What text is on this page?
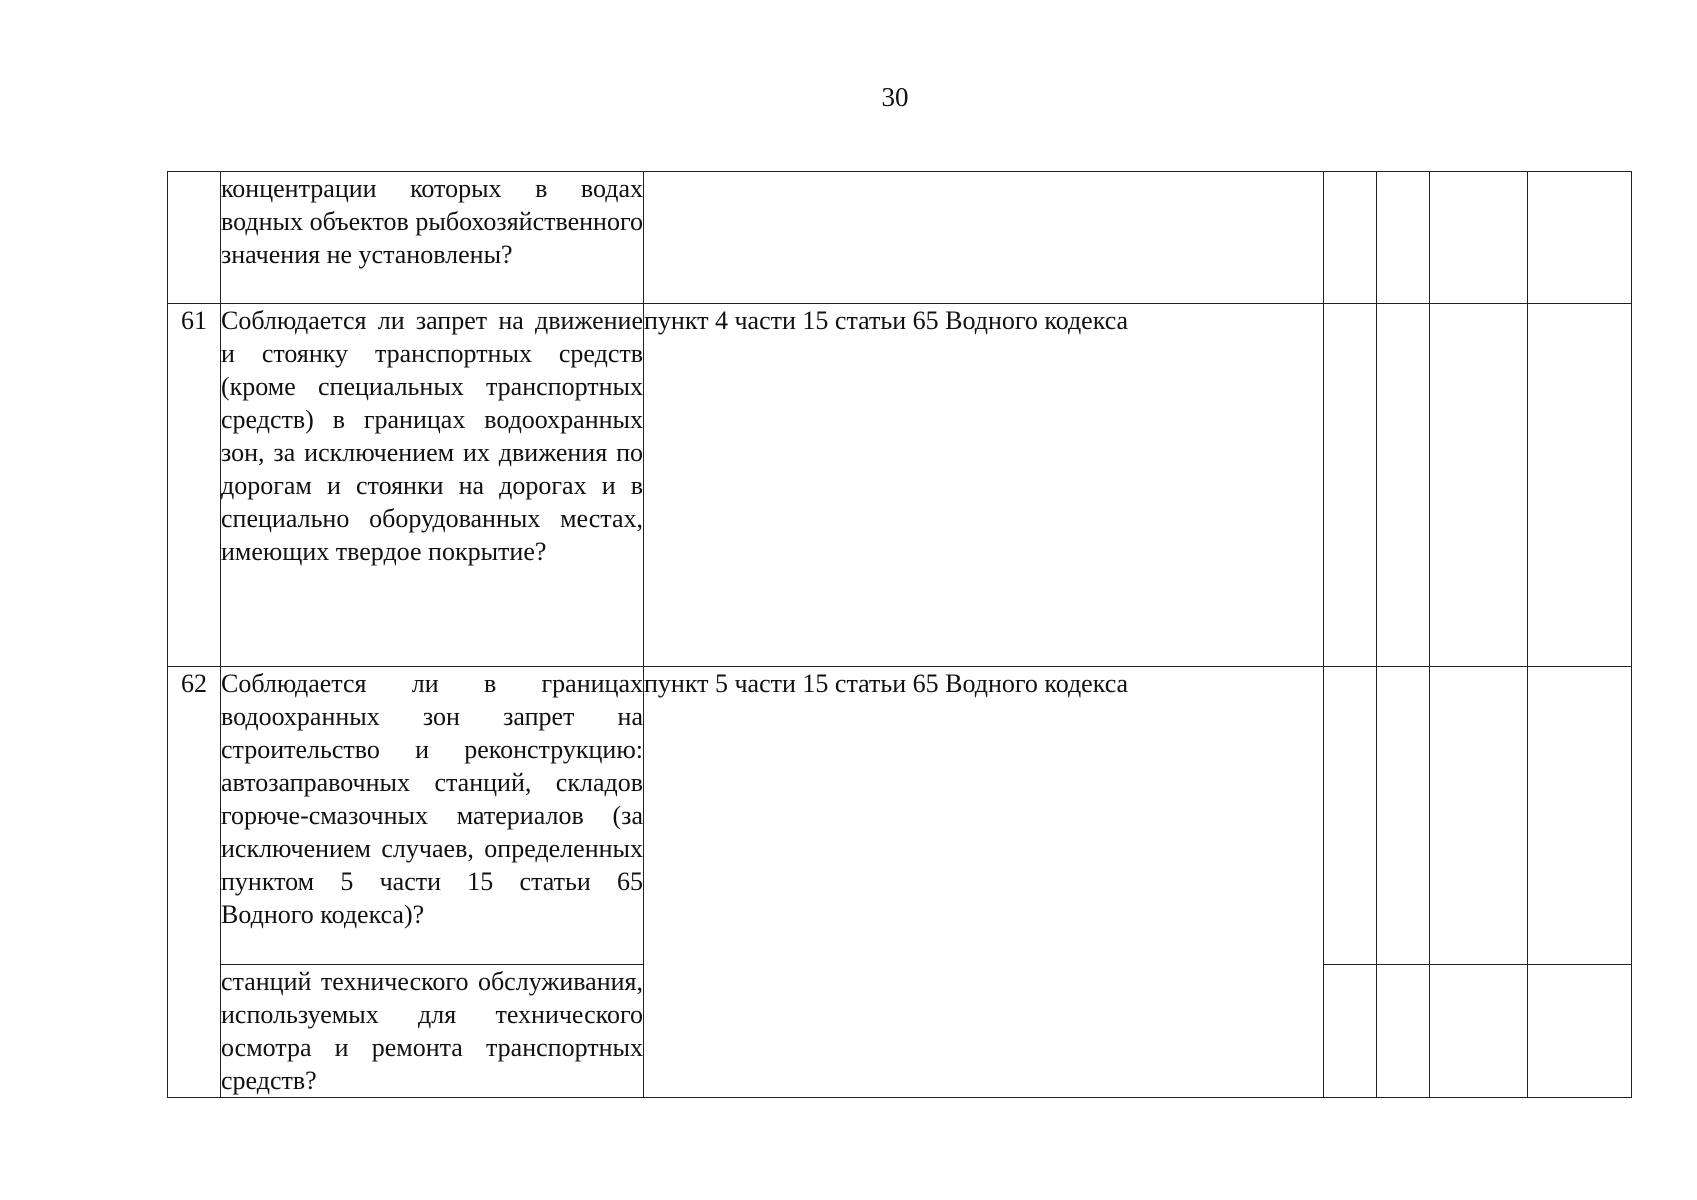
30
	концентрации которых в водах водных объектов рыбохозяйственного значения не установлены?					
61	Соблюдается ли запрет на движение и стоянку транспортных средств (кроме специальных транспортных средств) в границах водоохранных зон, за исключением их движения по дорогам и стоянки на дорогах и в специально оборудованных местах, имеющих твердое покрытие?	пункт 4 части 15 статьи 65 Водного кодекса				
62	Соблюдается ли в границах водоохранных зон запрет на строительство и реконструкцию: автозаправочных станций, складов горюче-смазочных материалов (за исключением случаев, определенных пунктом 5 части 15 статьи 65 Водного кодекса)?	пункт 5 части 15 статьи 65 Водного кодекса				
	станций технического обслуживания, используемых для технического осмотра и ремонта транспортных средств?					
